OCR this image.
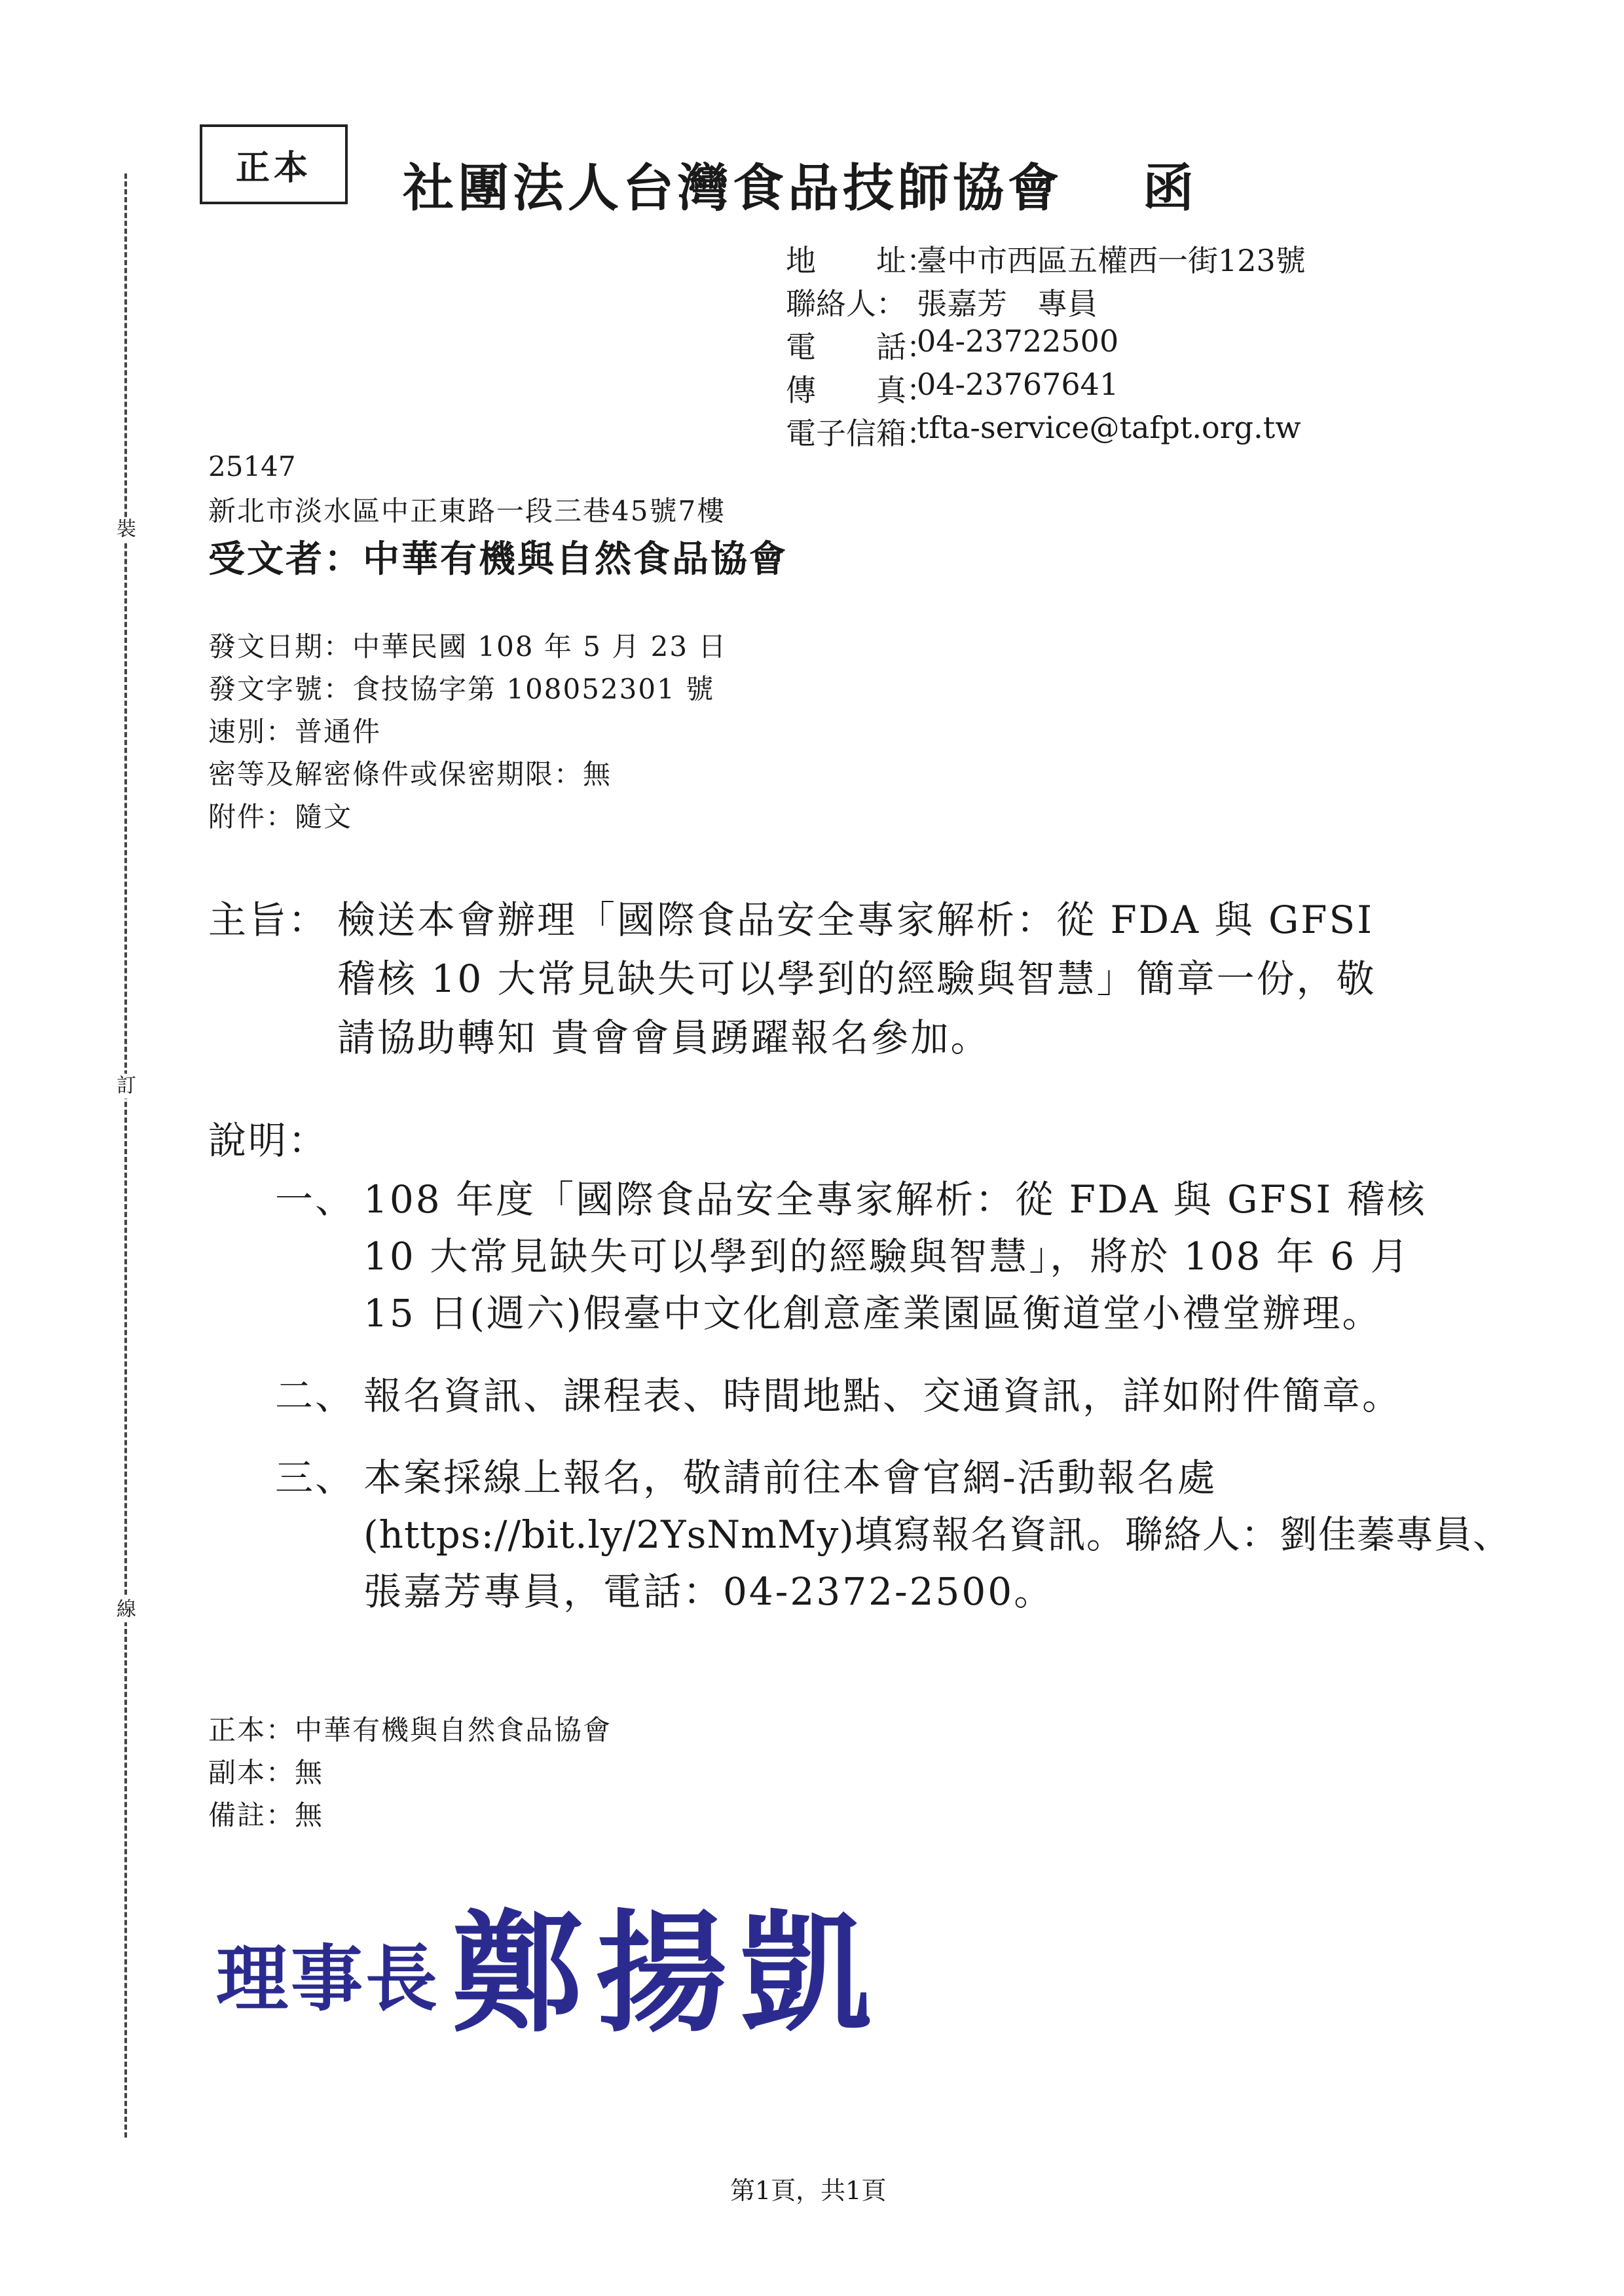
裝
訂
線
正本	社團法人台灣食品技師協會 函
地　　址：
臺中市西區五權西一街123號
聯絡人： 張嘉芳　專員
電　　話：
04-23722500
傳　　真：
04-23767641
電子信箱：
tfta-service@tafpt.org.tw
25147
新北市淡水區中正東路一段三巷45號7樓
受文者：中華有機與自然食品協會
發文日期：中華民國 108 年 5 月 23 日
發文字號：食技協字第 108052301 號
速別：普通件
密等及解密條件或保密期限：無
附件：隨文
主旨： 檢送本會辦理「國際食品安全專家解析：從 FDA 與 GFSI
稽核 10 大常見缺失可以學到的經驗與智慧」簡章一份，敬
請協助轉知 貴會會員踴躍報名參加。
說明：
一、 108 年度「國際食品安全專家解析：從 FDA 與 GFSI 稽核
10 大常見缺失可以學到的經驗與智慧」，將於 108 年 6 月
15 日(週六)假臺中文化創意產業園區衡道堂小禮堂辦理。
二、 報名資訊、課程表、時間地點、交通資訊，詳如附件簡章。
三、 本案採線上報名，敬請前往本會官網-活動報名處
(https://bit.ly/2YsNmMy)填寫報名資訊。聯絡人：劉佳蓁專員、
張嘉芳專員，電話：04-2372-2500。
正本：中華有機與自然食品協會
副本：無
備註：無
理事長 鄭揚凱
第1頁，共1頁
